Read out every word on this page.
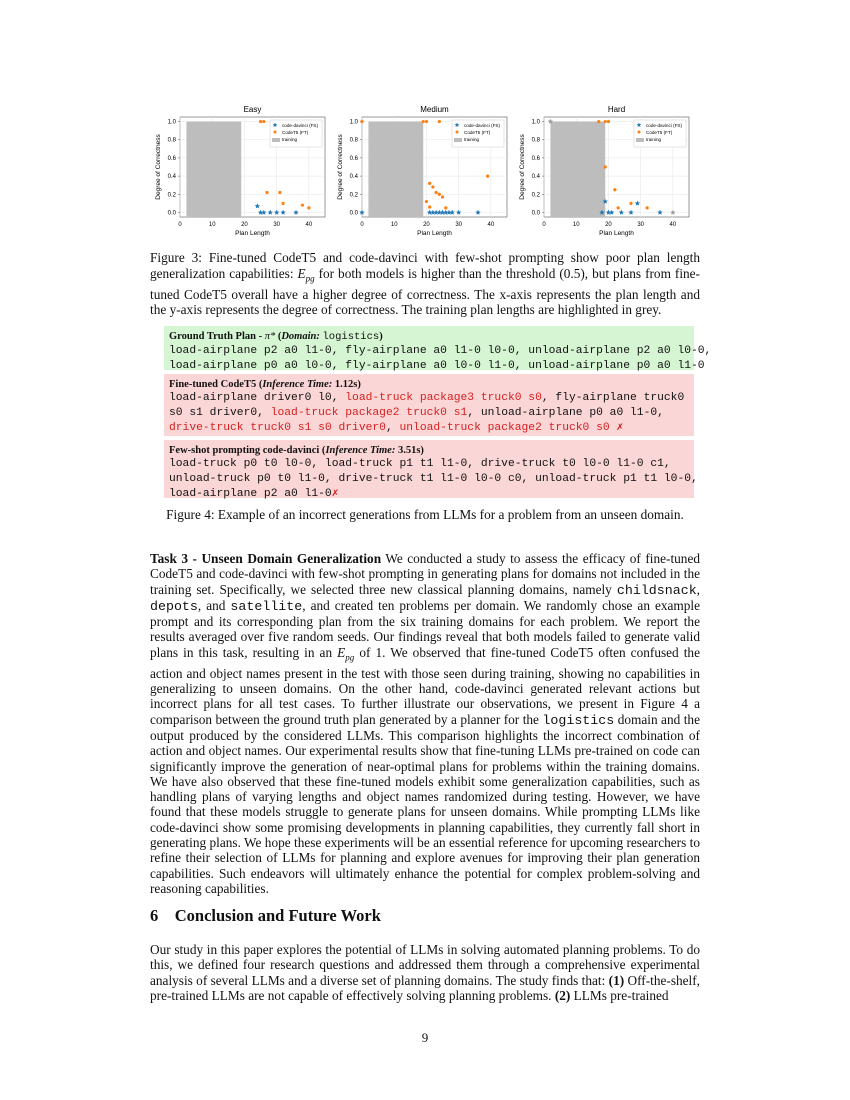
Easy
0.0
0.2
0.4
0.6
0.8
1.0
0	10	20	30	40
Plan Length
Degree of Correctness
code-davinci (FS)
CodeT5 (FT)
training
Medium
0.0
0.2
0.4
0.6
0.8
1.0
0	10	20	30	40
Plan Length
Degree of Correctness
code-davinci (FS)
CodeT5 (FT)
training
Hard
0.0
0.2
0.4
0.6
0.8
1.0
0	10	20	30	40
Plan Length
Degree of Correctness
code-davinci (FS)
CodeT5 (FT)
training
Figure 3: Fine-tuned CodeT5 and code-davinci with few-shot prompting show poor plan length generalization capabilities: $E_{pg}$ for both models is higher than the threshold (0.5), but plans from fine-tuned CodeT5 overall have a higher degree of correctness. The x-axis represents the plan length and the y-axis represents the degree of correctness. The training plan lengths are highlighted in grey.
Ground Truth Plan - π* (Domain: logistics)
load-airplane p2 a0 l1-0, fly-airplane a0 l1-0 l0-0, unload-airplane p2 a0 l0-0,
load-airplane p0 a0 l0-0, fly-airplane a0 l0-0 l1-0, unload-airplane p0 a0 l1-0
Fine-tuned CodeT5 (Inference Time: 1.12s)
load-airplane driver0 l0, load-truck package3 truck0 s0, fly-airplane truck0
s0 s1 driver0, load-truck package2 truck0 s1, unload-airplane p0 a0 l1-0,
drive-truck truck0 s1 s0 driver0, unload-truck package2 truck0 s0 ✗
Few-shot prompting code-davinci (Inference Time: 3.51s)
load-truck p0 t0 l0-0, load-truck p1 t1 l1-0, drive-truck t0 l0-0 l1-0 c1,
unload-truck p0 t0 l1-0, drive-truck t1 l1-0 l0-0 c0, unload-truck p1 t1 l0-0,
load-airplane p2 a0 l1-0✗
Figure 4: Example of an incorrect generations from LLMs for a problem from an unseen domain.
Task 3 - Unseen Domain Generalization We conducted a study to assess the efficacy of fine-tuned CodeT5 and code-davinci with few-shot prompting in generating plans for domains not included in the training set. Specifically, we selected three new classical planning domains, namely childsnack, depots, and satellite, and created ten problems per domain. We randomly chose an example prompt and its corresponding plan from the six training domains for each problem. We report the results averaged over five random seeds. Our findings reveal that both models failed to generate valid plans in this task, resulting in an $E_{pg}$ of 1. We observed that fine-tuned CodeT5 often confused the action and object names present in the test with those seen during training, showing no capabilities in generalizing to unseen domains. On the other hand, code-davinci generated relevant actions but incorrect plans for all test cases. To further illustrate our observations, we present in Figure 4 a comparison between the ground truth plan generated by a planner for the logistics domain and the output produced by the considered LLMs. This comparison highlights the incorrect combination of action and object names. Our experimental results show that fine-tuning LLMs pre-trained on code can significantly improve the generation of near-optimal plans for problems within the training domains. We have also observed that these fine-tuned models exhibit some generalization capabilities, such as handling plans of varying lengths and object names randomized during testing. However, we have found that these models struggle to generate plans for unseen domains. While prompting LLMs like code-davinci show some promising developments in planning capabilities, they currently fall short in generating plans. We hope these experiments will be an essential reference for upcoming researchers to refine their selection of LLMs for planning and explore avenues for improving their plan generation capabilities. Such endeavors will ultimately enhance the potential for complex problem-solving and reasoning capabilities.
6    Conclusion and Future Work
Our study in this paper explores the potential of LLMs in solving automated planning problems. To do this, we defined four research questions and addressed them through a comprehensive experimental analysis of several LLMs and a diverse set of planning domains. The study finds that: (1) Off-the-shelf, pre-trained LLMs are not capable of effectively solving planning problems. (2) LLMs pre-trained
9
